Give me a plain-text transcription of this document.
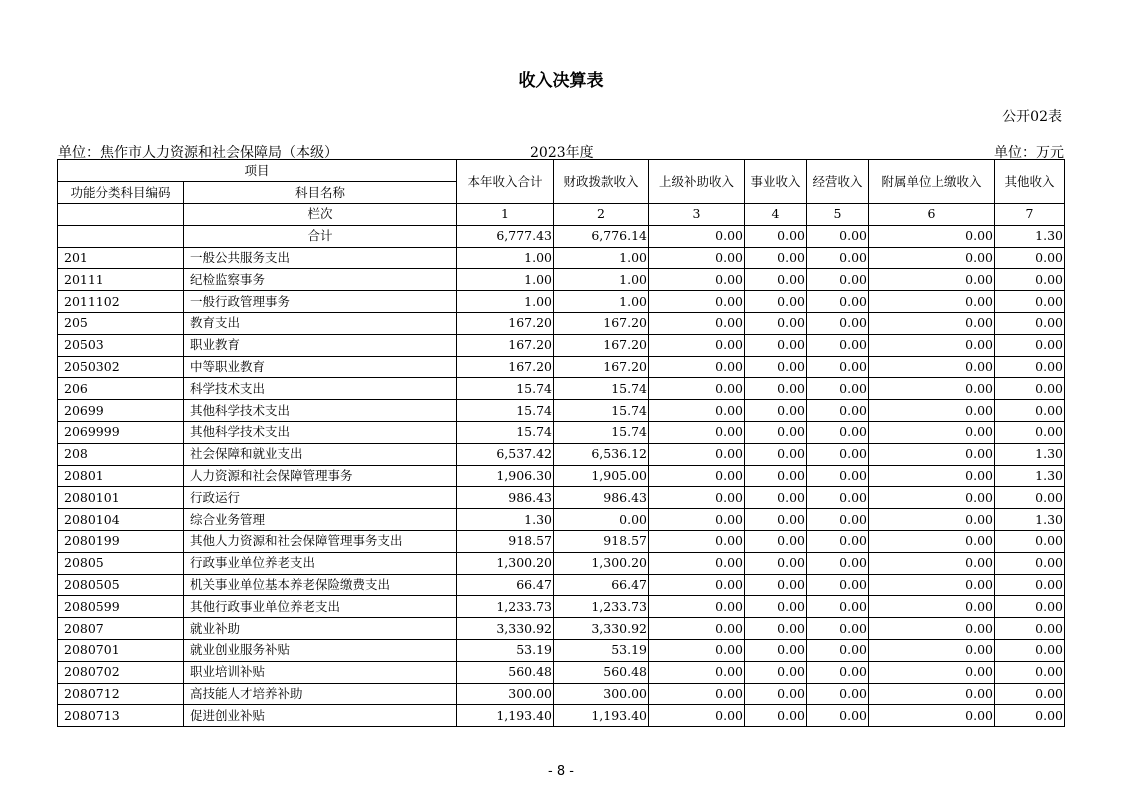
收入决算表
公开02表
单位：焦作市人力资源和社会保障局（本级）	2023年度	单位：万元
项目		本年收入合计	财政拨款收入	上级补助收入	事业收入	经营收入	附属单位上缴收入	其他收入
功能分类科目编码	科目名称							
	栏次	1	2	3	4	5	6	7
	合计	6,777.43	6,776.14	0.00	0.00	0.00	0.00	1.30
201	一般公共服务支出	1.00	1.00	0.00	0.00	0.00	0.00	0.00
20111	纪检监察事务	1.00	1.00	0.00	0.00	0.00	0.00	0.00
2011102	一般行政管理事务	1.00	1.00	0.00	0.00	0.00	0.00	0.00
205	教育支出	167.20	167.20	0.00	0.00	0.00	0.00	0.00
20503	职业教育	167.20	167.20	0.00	0.00	0.00	0.00	0.00
2050302	中等职业教育	167.20	167.20	0.00	0.00	0.00	0.00	0.00
206	科学技术支出	15.74	15.74	0.00	0.00	0.00	0.00	0.00
20699	其他科学技术支出	15.74	15.74	0.00	0.00	0.00	0.00	0.00
2069999	其他科学技术支出	15.74	15.74	0.00	0.00	0.00	0.00	0.00
208	社会保障和就业支出	6,537.42	6,536.12	0.00	0.00	0.00	0.00	1.30
20801	人力资源和社会保障管理事务	1,906.30	1,905.00	0.00	0.00	0.00	0.00	1.30
2080101	行政运行	986.43	986.43	0.00	0.00	0.00	0.00	0.00
2080104	综合业务管理	1.30	0.00	0.00	0.00	0.00	0.00	1.30
2080199	其他人力资源和社会保障管理事务支出	918.57	918.57	0.00	0.00	0.00	0.00	0.00
20805	行政事业单位养老支出	1,300.20	1,300.20	0.00	0.00	0.00	0.00	0.00
2080505	机关事业单位基本养老保险缴费支出	66.47	66.47	0.00	0.00	0.00	0.00	0.00
2080599	其他行政事业单位养老支出	1,233.73	1,233.73	0.00	0.00	0.00	0.00	0.00
20807	就业补助	3,330.92	3,330.92	0.00	0.00	0.00	0.00	0.00
2080701	就业创业服务补贴	53.19	53.19	0.00	0.00	0.00	0.00	0.00
2080702	职业培训补贴	560.48	560.48	0.00	0.00	0.00	0.00	0.00
2080712	高技能人才培养补助	300.00	300.00	0.00	0.00	0.00	0.00	0.00
2080713	促进创业补贴	1,193.40	1,193.40	0.00	0.00	0.00	0.00	0.00
- 8 -
